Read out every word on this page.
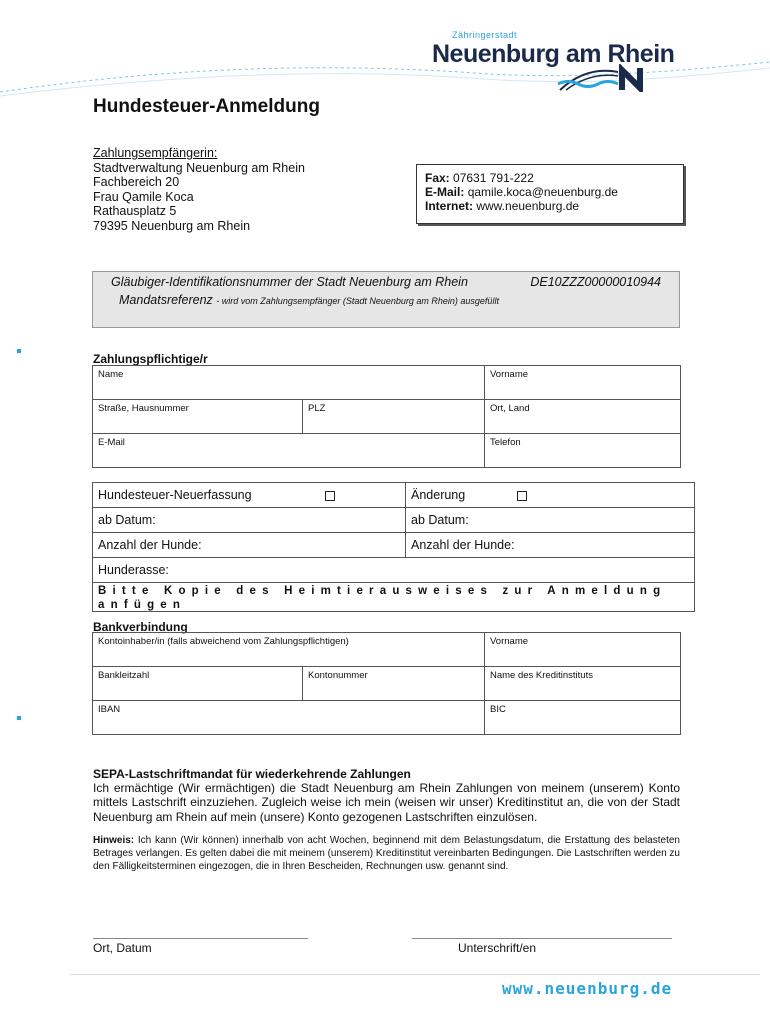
Zähringerstadt
Neuenburg am Rhein
Hundesteuer-Anmeldung
Zahlungsempfängerin:
Stadtverwaltung Neuenburg am Rhein
Fachbereich 20
Frau Qamile Koca
Rathausplatz 5
79395 Neuenburg am Rhein
Fax: 07631 791-222
E-Mail: qamile.koca@neuenburg.de
Internet: www.neuenburg.de
Gläubiger-Identifikationsnummer der Stadt Neuenburg am Rhein	DE10ZZZ00000010944
Mandatsreferenz - wird vom Zahlungsempfänger (Stadt Neuenburg am Rhein) ausgefüllt
Zahlungspflichtige/r
Name		Vorname
Straße, Hausnummer	PLZ	Ort, Land
E-Mail		Telefon
Hundesteuer-Neuerfassung	Änderung
ab Datum:	ab Datum:
Anzahl der Hunde:	Anzahl der Hunde:
Hunderasse:	
Bitte Kopie des Heimtierausweises zur Anmeldung anfügen	
Bankverbindung
Kontoinhaber/in (falls abweichend vom Zahlungspflichtigen)		Vorname
Bankleitzahl	Kontonummer	Name des Kreditinstituts
IBAN		BIC
SEPA-Lastschriftmandat für wiederkehrende Zahlungen
Ich ermächtige (Wir ermächtigen) die Stadt Neuenburg am Rhein Zahlungen von meinem (unserem) Konto mittels Lastschrift einzuziehen. Zugleich weise ich mein (weisen wir unser) Kreditinstitut an, die von der Stadt Neuenburg am Rhein auf mein (unsere) Konto gezogenen Lastschriften einzulösen.
Hinweis: Ich kann (Wir können) innerhalb von acht Wochen, beginnend mit dem Belastungsdatum, die Erstattung des belasteten Betrages verlangen. Es gelten dabei die mit meinem (unserem) Kreditinstitut vereinbarten Bedingungen. Die Lastschriften werden zu den Fälligkeitsterminen eingezogen, die in Ihren Bescheiden, Rechnungen usw. genannt sind.
Ort, Datum	Unterschrift/en
www.neuenburg.de
